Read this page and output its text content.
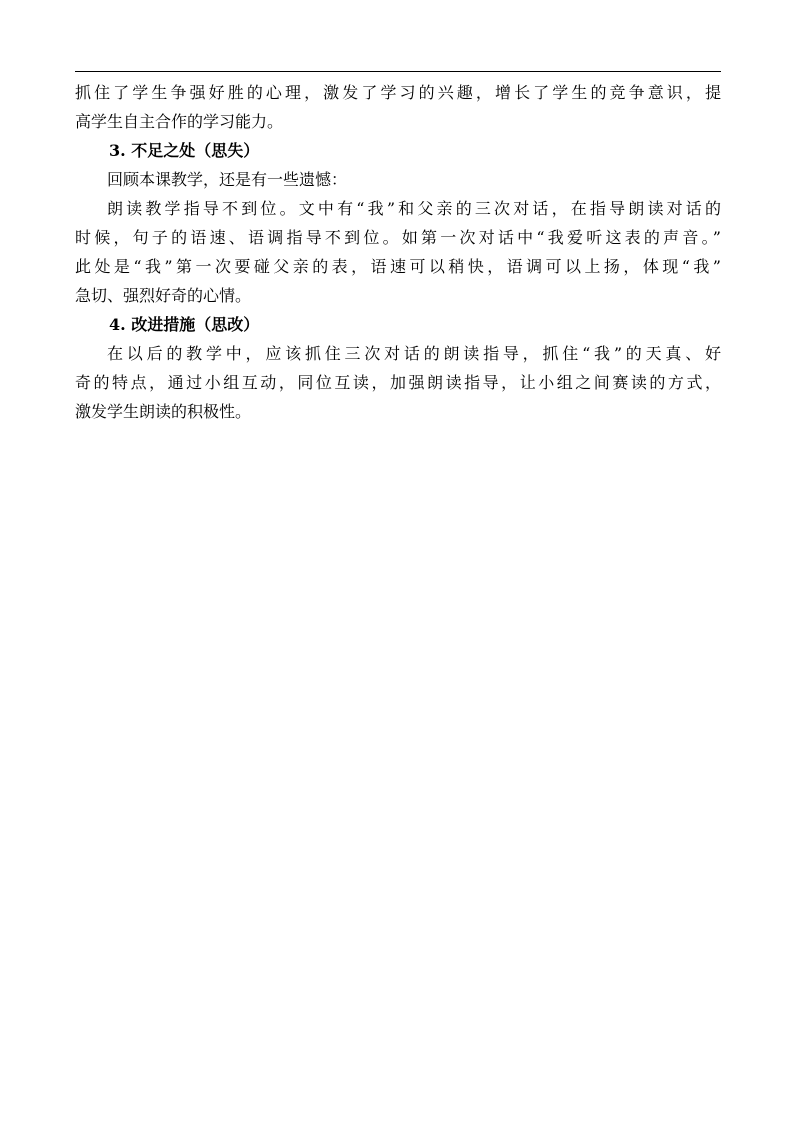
抓住了学生争强好胜的心理，激发了学习的兴趣，增长了学生的竞争意识，提
高学生自主合作的学习能力。
3. 不足之处（思失）
回顾本课教学，还是有一些遗憾：
朗读教学指导不到位。文中有“我”和父亲的三次对话，在指导朗读对话的
时候，句子的语速、语调指导不到位。如第一次对话中“我爱听这表的声音。”
此处是“我”第一次要碰父亲的表，语速可以稍快，语调可以上扬，体现“我”
急切、强烈好奇的心情。
4. 改进措施（思改）
在以后的教学中，应该抓住三次对话的朗读指导，抓住“我”的天真、好
奇的特点，通过小组互动，同位互读，加强朗读指导，让小组之间赛读的方式，
激发学生朗读的积极性。
